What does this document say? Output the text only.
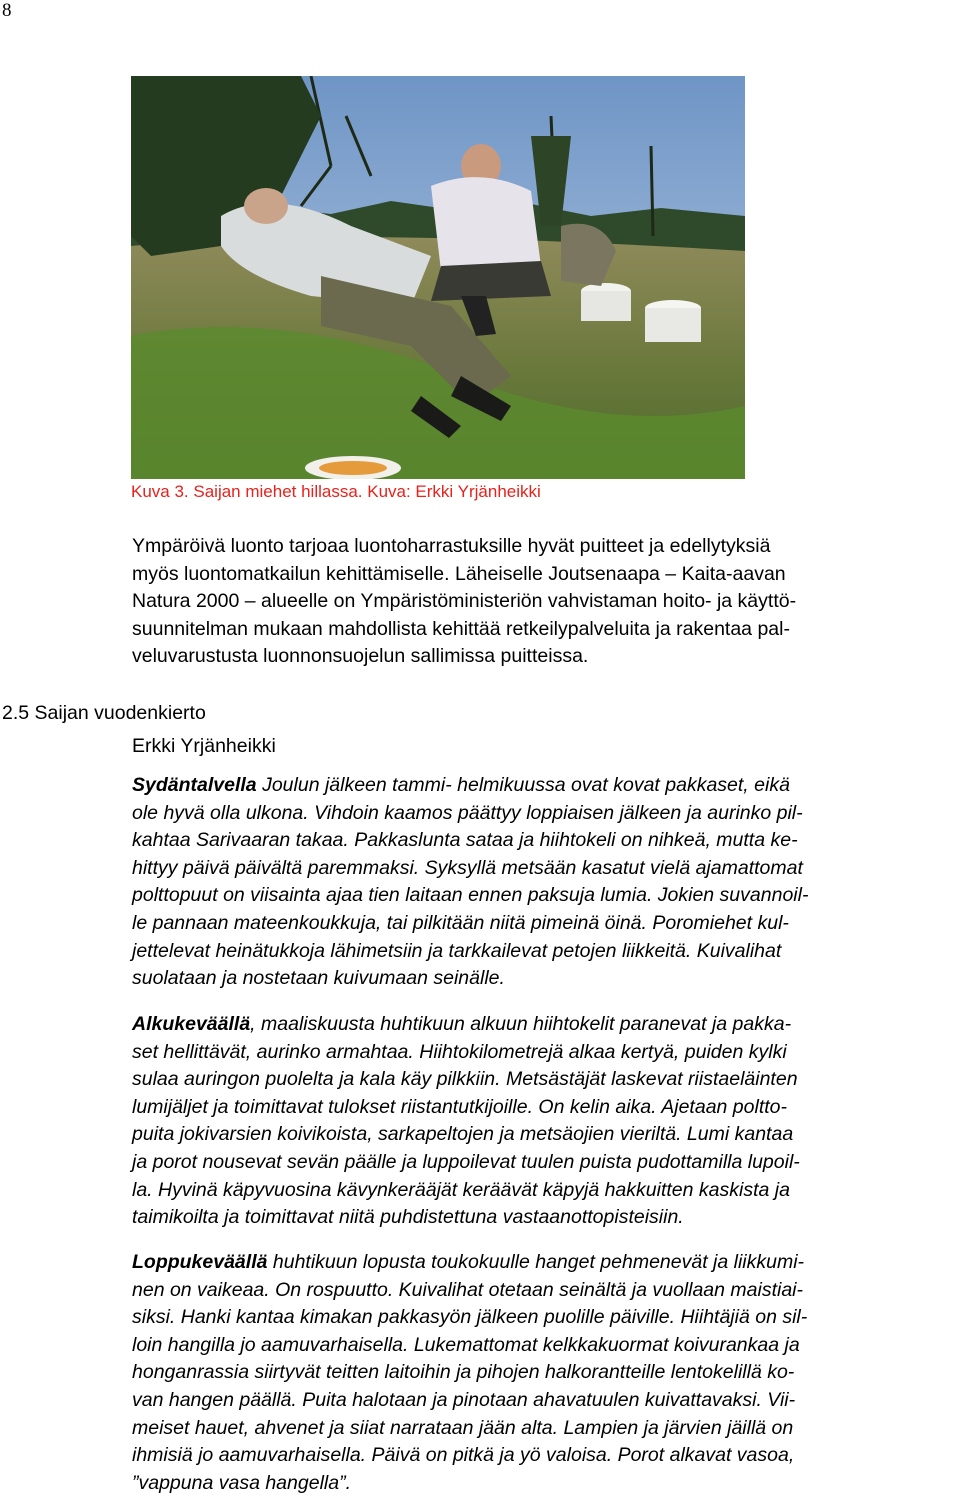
8
Kuva 3. Saijan miehet hillassa. Kuva: Erkki Yrjänheikki

Ympäröivä luonto tarjoaa luontoharrastuksille hyvät puitteet ja edellytyksiä

myös luontomatkailun kehittämiselle. Läheiselle Joutsenaapa – Kaita-aavan

Natura 2000 – alueelle on Ympäristöministeriön vahvistaman hoito- ja käyttö-

suunnitelman mukaan mahdollista kehittää retkeilypalveluita ja rakentaa pal-

veluvarustusta luonnonsuojelun sallimissa puitteissa.

2.5 Saijan vuodenkierto
Erkki Yrjänheikki

Sydäntalvella Joulun jälkeen tammi- helmikuussa ovat kovat pakkaset, eikä

ole hyvä olla ulkona. Vihdoin kaamos päättyy loppiaisen jälkeen ja aurinko pil-

kahtaa Sarivaaran takaa. Pakkaslunta sataa ja hiihtokeli on nihkeä, mutta ke-

hittyy päivä päivältä paremmaksi. Syksyllä metsään kasatut vielä ajamattomat

polttopuut on viisainta ajaa tien laitaan ennen paksuja lumia. Jokien suvannoil-

le pannaan mateenkoukkuja, tai pilkitään niitä pimeinä öinä. Poromiehet kul-

jettelevat heinätukkoja lähimetsiin ja tarkkailevat petojen liikkeitä. Kuivalihat

suolataan ja nostetaan kuivumaan seinälle.

Alkukeväällä, maaliskuusta huhtikuun alkuun hiihtokelit paranevat ja pakka-

set hellittävät, aurinko armahtaa. Hiihtokilometrejä alkaa kertyä, puiden kylki

sulaa auringon puolelta ja kala käy pilkkiin. Metsästäjät laskevat riistaeläinten

lumijäljet ja toimittavat tulokset riistantutkijoille. On kelin aika. Ajetaan poltto-

puita jokivarsien koivikoista, sarkapeltojen ja metsäojien vieriltä. Lumi kantaa

ja porot nousevat sevän päälle ja luppoilevat tuulen puista pudottamilla lupoil-

la. Hyvinä käpyvuosina kävynkerääjät keräävät käpyjä hakkuitten kaskista ja

taimikoilta ja toimittavat niitä puhdistettuna vastaanottopisteisiin.

Loppukeväällä huhtikuun lopusta toukokuulle hanget pehmenevät ja liikkumi-

nen on vaikeaa. On rospuutto. Kuivalihat otetaan seinältä ja vuollaan maistiai-

siksi. Hanki kantaa kimakan pakkasyön jälkeen puolille päiville. Hiihtäjiä on sil-

loin hangilla jo aamuvarhaisella. Lukemattomat kelkkakuormat koivurankaa ja

honganrassia siirtyvät teitten laitoihin ja pihojen halkorantteille lentokelillä ko-

van hangen päällä. Puita halotaan ja pinotaan ahavatuulen kuivattavaksi. Vii-

meiset hauet, ahvenet ja siiat narrataan jään alta. Lampien ja järvien jäillä on

ihmisiä jo aamuvarhaisella. Päivä on pitkä ja yö valoisa. Porot alkavat vasoa,

”vappuna vasa hangella”.
